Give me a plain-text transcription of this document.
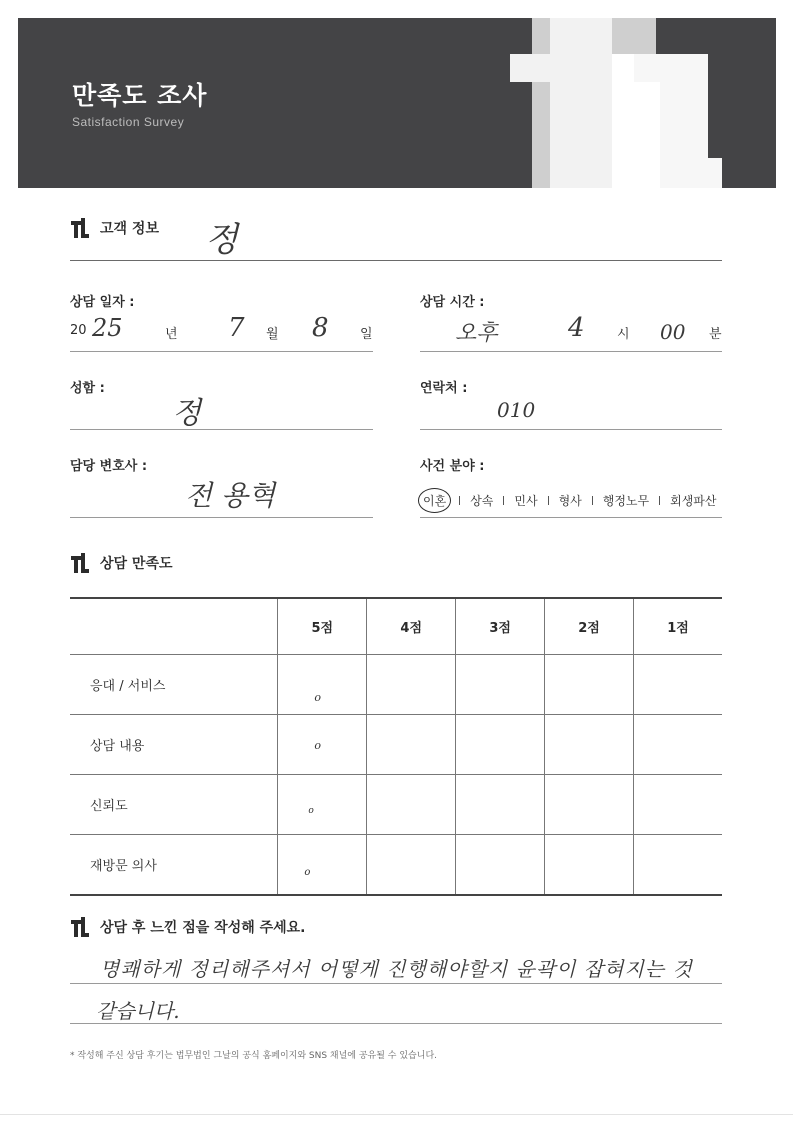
만족도 조사
Satisfaction Survey
고객 정보 정
상담 일자 :
20 25	년 7 월 8 일
상담 시간 :
오후	4 시 00 분
성함 :
정
연락처 :
010
담당 변호사 :
전 용혁
사건 분야 :
이혼	상속 민사 형사 행정노무 회생파산
상담 만족도
	5점	4점	3점	2점	1점
응대 / 서비스	o				

상담 내용	o				

신뢰도	o				

재방문 의사	o				

상담 후 느낀 점을 작성해 주세요.
명쾌하게 정리해주셔서 어떻게 진행해야할지 윤곽이 잡혀지는 것
같습니다.
* 작성해 주신 상담 후기는 법무법인 그날의 공식 홈페이지와 SNS 채널에 공유될 수 있습니다.
